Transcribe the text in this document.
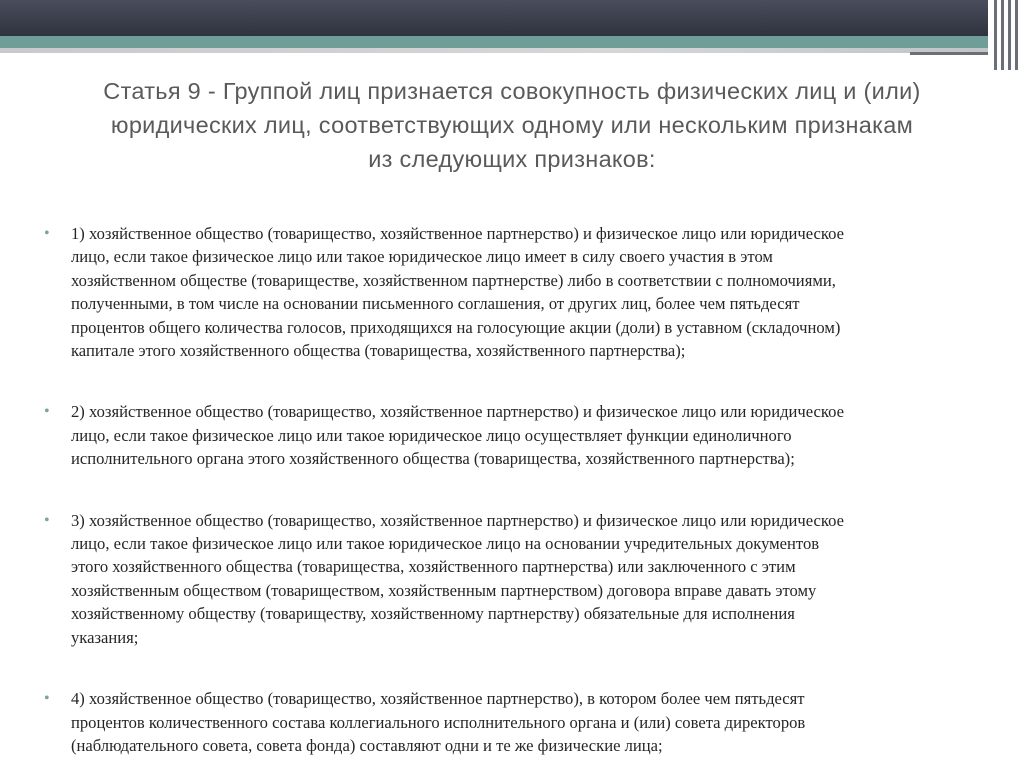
Статья 9 - Группой лиц признается совокупность физических лиц и (или)
юридических лиц, соответствующих одному или нескольким признакам
из следующих признаков:
• 1) хозяйственное общество (товарищество, хозяйственное партнерство) и физическое лицо или юридическое
лицо, если такое физическое лицо или такое юридическое лицо имеет в силу своего участия в этом
хозяйственном обществе (товариществе, хозяйственном партнерстве) либо в соответствии с полномочиями,
полученными, в том числе на основании письменного соглашения, от других лиц, более чем пятьдесят
процентов общего количества голосов, приходящихся на голосующие акции (доли) в уставном (складочном)
капитале этого хозяйственного общества (товарищества, хозяйственного партнерства);
• 2) хозяйственное общество (товарищество, хозяйственное партнерство) и физическое лицо или юридическое
лицо, если такое физическое лицо или такое юридическое лицо осуществляет функции единоличного
исполнительного органа этого хозяйственного общества (товарищества, хозяйственного партнерства);
• 3) хозяйственное общество (товарищество, хозяйственное партнерство) и физическое лицо или юридическое
лицо, если такое физическое лицо или такое юридическое лицо на основании учредительных документов
этого хозяйственного общества (товарищества, хозяйственного партнерства) или заключенного с этим
хозяйственным обществом (товариществом, хозяйственным партнерством) договора вправе давать этому
хозяйственному обществу (товариществу, хозяйственному партнерству) обязательные для исполнения
указания;
• 4) хозяйственное общество (товарищество, хозяйственное партнерство), в котором более чем пятьдесят
процентов количественного состава коллегиального исполнительного органа и (или) совета директоров
(наблюдательного совета, совета фонда) составляют одни и те же физические лица;
